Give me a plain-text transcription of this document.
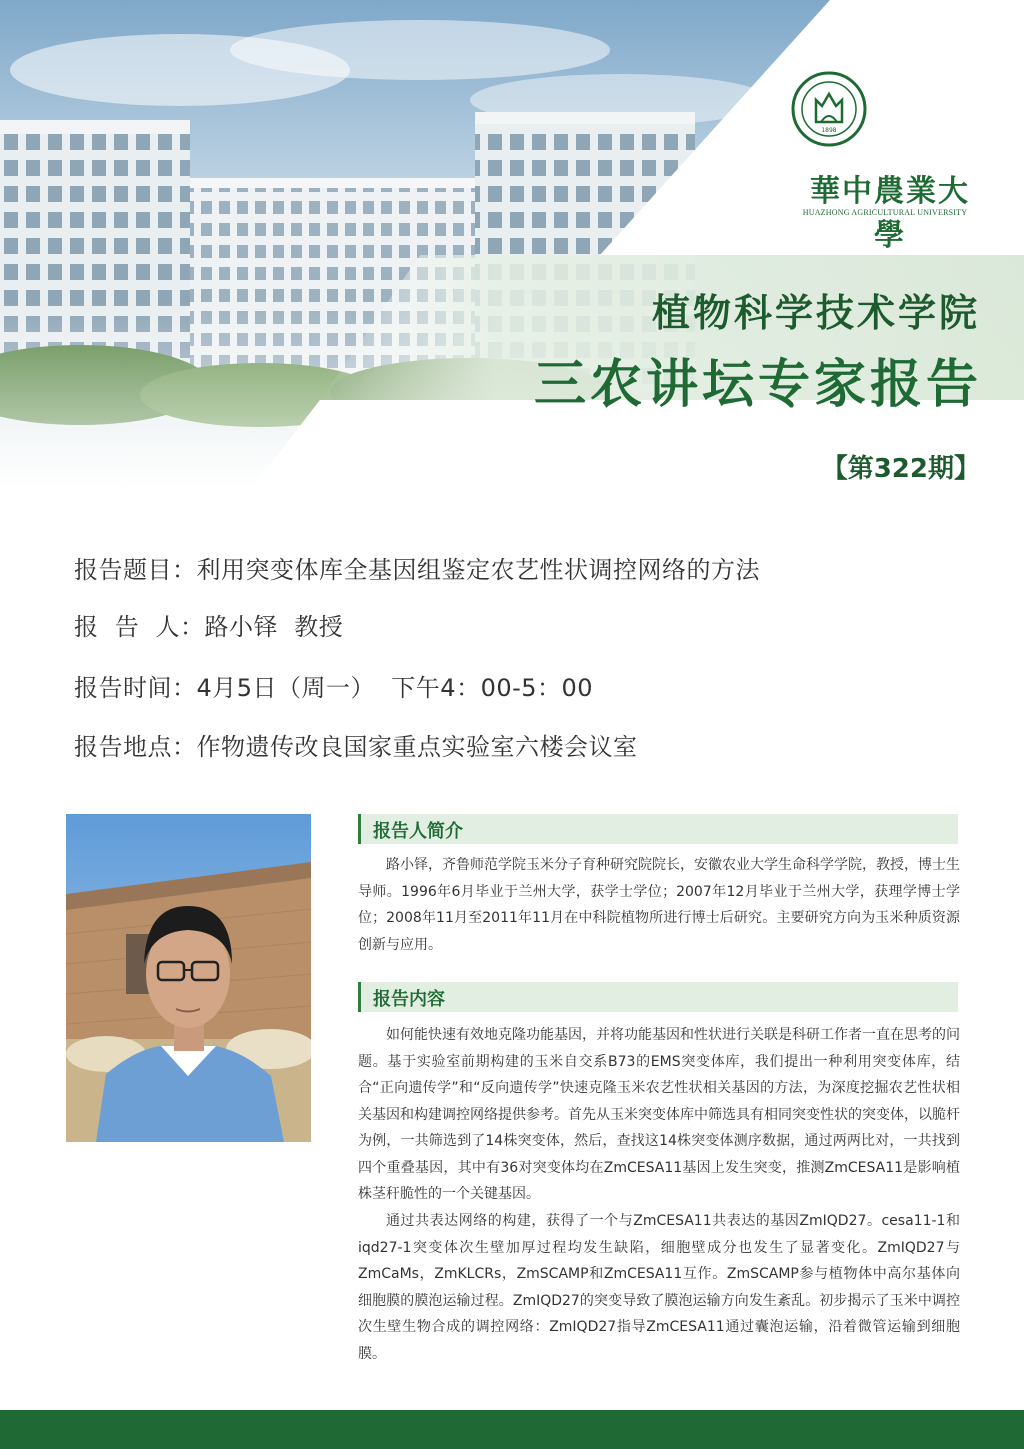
1898
華中農業大學
HUAZHONG AGRICULTURAL UNIVERSITY
植物科学技术学院
三农讲坛专家报告
【第322期】
报告题目：利用突变体库全基因组鉴定农艺性状调控网络的方法
报  告  人：路小铎  教授
报告时间：4月5日（周一）  下午4：00-5：00
报告地点：作物遗传改良国家重点实验室六楼会议室
报告人简介
路小铎，齐鲁师范学院玉米分子育种研究院院长，安徽农业大学生命科学学院，教授，博士生导师。1996年6月毕业于兰州大学，获学士学位；2007年12月毕业于兰州大学，获理学博士学位；2008年11月至2011年11月在中科院植物所进行博士后研究。主要研究方向为玉米种质资源创新与应用。
报告内容
如何能快速有效地克隆功能基因，并将功能基因和性状进行关联是科研工作者一直在思考的问题。基于实验室前期构建的玉米自交系B73的EMS突变体库，我们提出一种利用突变体库，结合“正向遗传学”和“反向遗传学”快速克隆玉米农艺性状相关基因的方法，为深度挖掘农艺性状相关基因和构建调控网络提供参考。首先从玉米突变体库中筛选具有相同突变性状的突变体，以脆杆为例，一共筛选到了14株突变体，然后，查找这14株突变体测序数据，通过两两比对，一共找到四个重叠基因，其中有36对突变体均在ZmCESA11基因上发生突变，推测ZmCESA11是影响植株茎秆脆性的一个关键基因。
通过共表达网络的构建，获得了一个与ZmCESA11共表达的基因ZmIQD27。cesa11-1和iqd27-1突变体次生壁加厚过程均发生缺陷，细胞壁成分也发生了显著变化。ZmIQD27与ZmCaMs，ZmKLCRs，ZmSCAMP和ZmCESA11互作。ZmSCAMP参与植物体中高尔基体向细胞膜的膜泡运输过程。ZmIQD27的突变导致了膜泡运输方向发生紊乱。初步揭示了玉米中调控次生壁生物合成的调控网络：ZmIQD27指导ZmCESA11通过囊泡运输，沿着微管运输到细胞膜。
